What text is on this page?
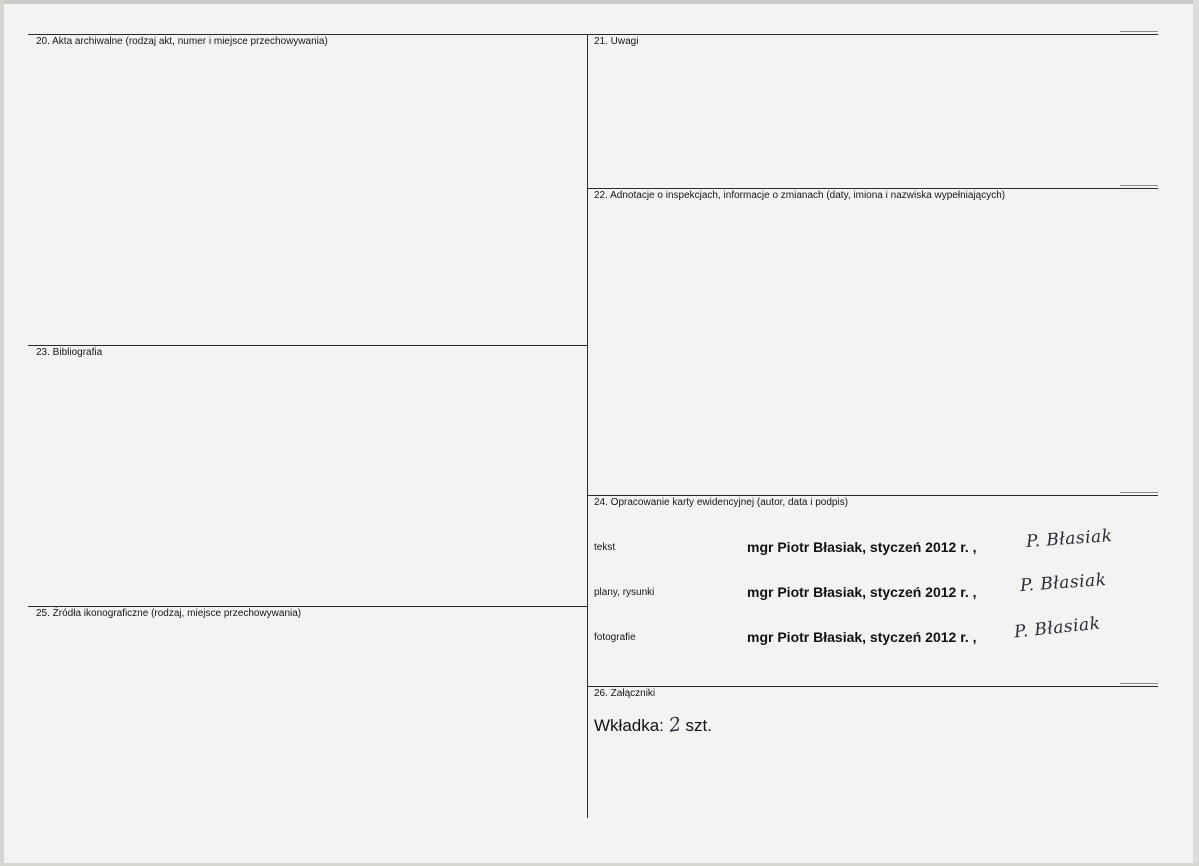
20. Akta archiwalne (rodzaj akt, numer i miejsce przechowywania)	21. Uwagi
22. Adnotacje o inspekcjach, informacje o zmianach (daty, imiona i nazwiska wypełniających)
23. Bibliografia
24. Opracowanie karty ewidencyjnej (autor, data i podpis)
25. Źródła ikonograficzne (rodzaj, miejsce przechowywania)
26. Załączniki
tekst	mgr Piotr Błasiak, styczeń 2012 r. ,	P. Błasiak
plany, rysunki	mgr Piotr Błasiak, styczeń 2012 r. ,	P. Błasiak
fotografie	mgr Piotr Błasiak, styczeń 2012 r. , P. Błasiak
Wkładka: 2 szt.
